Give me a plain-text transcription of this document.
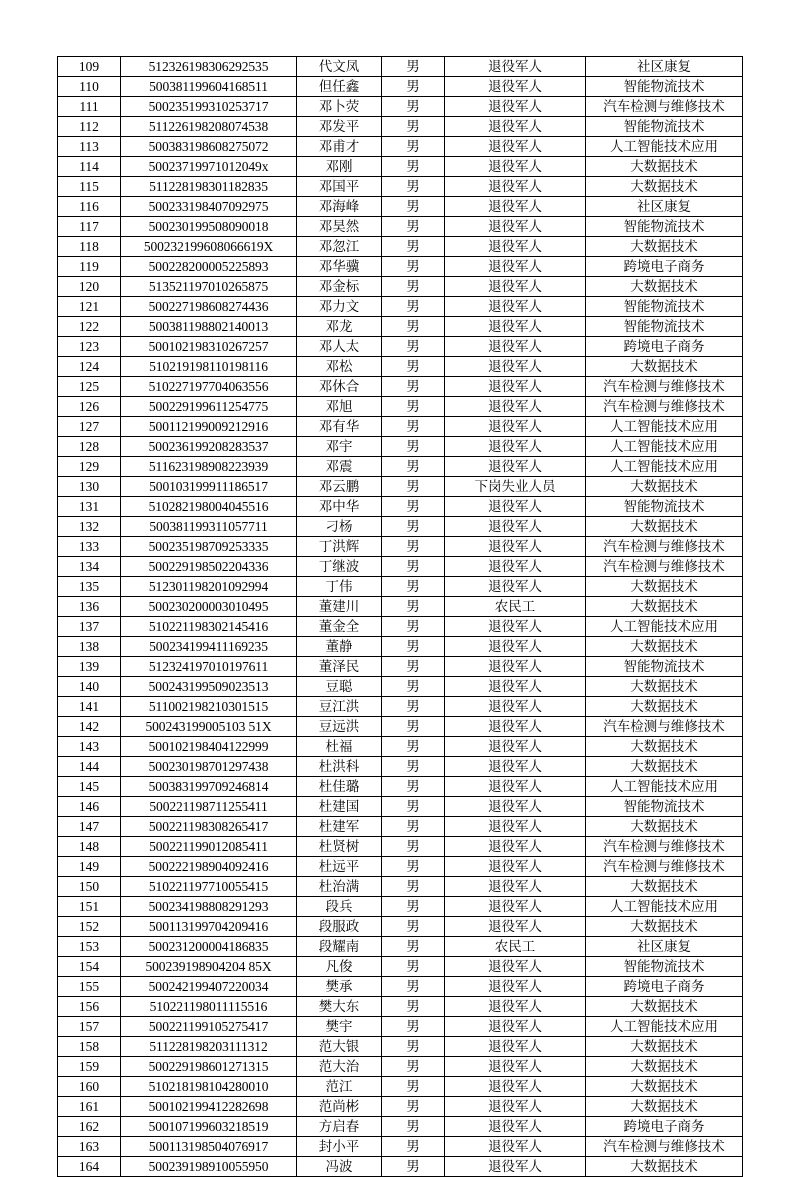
109	512326198306292535	代文凤	男	退役军人	社区康复
110	500381199604168511	但任鑫	男	退役军人	智能物流技术
111	500235199310253717	邓卜荧	男	退役军人	汽车检测与维修技术
112	511226198208074538	邓发平	男	退役军人	智能物流技术
113	500383198608275072	邓甫才	男	退役军人	人工智能技术应用
114	50023719971012049x	邓刚	男	退役军人	大数据技术
115	511228198301182835	邓国平	男	退役军人	大数据技术
116	500233198407092975	邓海峰	男	退役军人	社区康复
117	500230199508090018	邓昊然	男	退役军人	智能物流技术
118	500232199608066619X	邓忽江	男	退役军人	大数据技术
119	500228200005225893	邓华骥	男	退役军人	跨境电子商务
120	513521197010265875	邓金标	男	退役军人	大数据技术
121	500227198608274436	邓力文	男	退役军人	智能物流技术
122	500381198802140013	邓龙	男	退役军人	智能物流技术
123	500102198310267257	邓人太	男	退役军人	跨境电子商务
124	510219198110198116	邓松	男	退役军人	大数据技术
125	510227197704063556	邓休合	男	退役军人	汽车检测与维修技术
126	500229199611254775	邓旭	男	退役军人	汽车检测与维修技术
127	500112199009212916	邓有华	男	退役军人	人工智能技术应用
128	500236199208283537	邓宇	男	退役军人	人工智能技术应用
129	511623198908223939	邓震	男	退役军人	人工智能技术应用
130	500103199911186517	邓云鹏	男	下岗失业人员	大数据技术
131	510282198004045516	邓中华	男	退役军人	智能物流技术
132	500381199311057711	刁杨	男	退役军人	大数据技术
133	500235198709253335	丁洪辉	男	退役军人	汽车检测与维修技术
134	500229198502204336	丁继波	男	退役军人	汽车检测与维修技术
135	512301198201092994	丁伟	男	退役军人	大数据技术
136	500230200003010495	董建川	男	农民工	大数据技术
137	510221198302145416	董金全	男	退役军人	人工智能技术应用
138	500234199411169235	董静	男	退役军人	大数据技术
139	512324197010197611	董泽民	男	退役军人	智能物流技术
140	500243199509023513	豆聪	男	退役军人	大数据技术
141	511002198210301515	豆江洪	男	退役军人	大数据技术
142	500243199005103 51X	豆远洪	男	退役军人	汽车检测与维修技术
143	500102198404122999	杜福	男	退役军人	大数据技术
144	500230198701297438	杜洪科	男	退役军人	大数据技术
145	500383199709246814	杜佳璐	男	退役军人	人工智能技术应用
146	500221198711255411	杜建国	男	退役军人	智能物流技术
147	500221198308265417	杜建军	男	退役军人	大数据技术
148	500221199012085411	杜贤树	男	退役军人	汽车检测与维修技术
149	500222198904092416	杜远平	男	退役军人	汽车检测与维修技术
150	510221197710055415	杜治满	男	退役军人	大数据技术
151	500234198808291293	段兵	男	退役军人	人工智能技术应用
152	500113199704209416	段服政	男	退役军人	大数据技术
153	500231200004186835	段耀南	男	农民工	社区康复
154	500239198904204 85X	凡俊	男	退役军人	智能物流技术
155	500242199407220034	樊承	男	退役军人	跨境电子商务
156	510221198011115516	樊大东	男	退役军人	大数据技术
157	500221199105275417	樊宇	男	退役军人	人工智能技术应用
158	511228198203111312	范大银	男	退役军人	大数据技术
159	500229198601271315	范大治	男	退役军人	大数据技术
160	510218198104280010	范江	男	退役军人	大数据技术
161	500102199412282698	范尚彬	男	退役军人	大数据技术
162	500107199603218519	方启春	男	退役军人	跨境电子商务
163	500113198504076917	封小平	男	退役军人	汽车检测与维修技术
164	500239198910055950	冯波	男	退役军人	大数据技术
